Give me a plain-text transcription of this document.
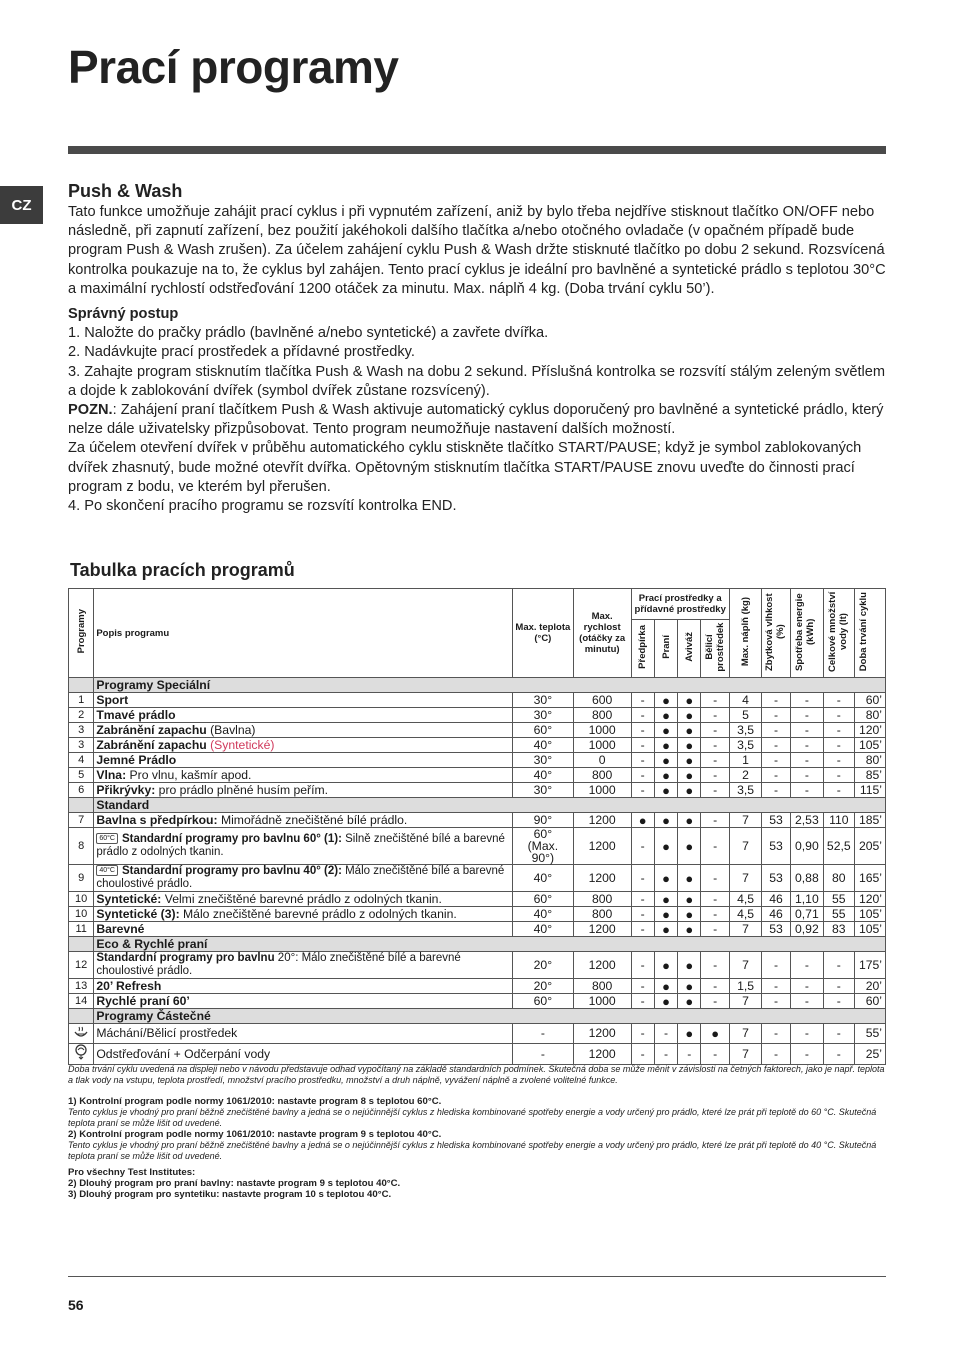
Prací programy
CZ
Push & Wash

Tato funkce umožňuje zahájit prací cyklus i při vypnutém zařízení, aniž by bylo třeba nejdříve stisknout tlačítko ON/OFF nebo následně, při zapnutí zařízení, bez použití jakéhokoli dalšího tlačítka a/nebo otočného ovladače (v opačném případě bude program Push & Wash zrušen). Za účelem zahájení cyklu Push & Wash držte stisknuté tlačítko po dobu 2 sekund. Rozsvícená kontrolka poukazuje na to, že cyklus byl zahájen. Tento prací cyklus je ideální pro bavlněné a syntetické prádlo s teplotou 30°C a maximální rychlostí odstřeďování 1200 otáček za minutu. Max. náplň 4 kg. (Doba trvání cyklu 50’).

Správný postup

1. Naložte do pračky prádlo (bavlněné a/nebo syntetické) a zavřete dvířka.

2. Nadávkujte prací prostředek a přídavné prostředky.

3. Zahajte program stisknutím tlačítka Push & Wash na dobu 2 sekund. Příslušná kontrolka se rozsvítí stálým zeleným světlem a dojde k zablokování dvířek (symbol dvířek zůstane rozsvícený).

POZN.: Zahájení praní tlačítkem Push & Wash aktivuje automatický cyklus doporučený pro bavlněné a syntetické prádlo, který nelze dále uživatelsky přizpůsobovat. Tento program neumožňuje nastavení dalších možností.

Za účelem otevření dvířek v průběhu automatického cyklu stiskněte tlačítko START/PAUSE; když je symbol zablokovaných dvířek zhasnutý, bude možné otevřít dvířka. Opětovným stisknutím tlačítka START/PAUSE znovu uveďte do činnosti prací program z bodu, ve kterém byl přerušen.

4. Po skončení pracího programu se rozsvítí kontrolka END.

Tabulka pracích programů
Programy	Popis programu	Max. teplota (°C)	Max. rychlost (otáčky za minutu)	Prací prostředky a přídavné prostředky				Max. náplň (kg)	Zbytková vlhkost (%)	Spotřeba energie (kWh)	Celkové množství vody (lt)	Doba trvání cyklu
				Předpírka	Praní	Aviváž	Bělicí prostředek					
	Programy Speciální											
1	Sport	30°	600	-	●	●	-	4	-	-	-	60’
2	Tmavé prádlo	30°	800	-	●	●	-	5	-	-	-	80’
3	Zabránění zapachu (Bavlna)	60°	1000	-	●	●	-	3,5	-	-	-	120’
3	Zabránění zapachu (Syntetické)	40°	1000	-	●	●	-	3,5	-	-	-	105’
4	Jemné Prádlo	30°	0	-	●	●	-	1	-	-	-	80’
5	Vlna: Pro vlnu, kašmír apod.	40°	800	-	●	●	-	2	-	-	-	85’
6	Přikrývky: pro prádlo plněné husím peřím.	30°	1000	-	●	●	-	3,5	-	-	-	115’
	Standard											
7	Bavlna s předpírkou: Mimořádně znečištěné bílé prádlo.	90°	1200	●	●	●	-	7	53	2,53	110	185’
8	60°C Standardní programy pro bavlnu 60° (1): Silně znečištěné bílé a barevné prádlo z odolných tkanin.	60°
(Max. 90°)	1200	-	●	●	-	7	53	0,90	52,5	205’
9	40°C Standardní programy pro bavlnu 40° (2): Málo znečištěné bílé a barevné choulostivé prádlo.	40°	1200	-	●	●	-	7	53	0,88	80	165’
10	Syntetické: Velmi znečištěné barevné prádlo z odolných tkanin.	60°	800	-	●	●	-	4,5	46	1,10	55	120’
10	Syntetické (3): Málo znečištěné barevné prádlo z odolných tkanin.	40°	800	-	●	●	-	4,5	46	0,71	55	105’
11	Barevné	40°	1200	-	●	●	-	7	53	0,92	83	105’
	Eco & Rychlé praní											
12	Standardní programy pro bavlnu 20°: Málo znečištěné bílé a barevné choulostivé prádlo.	20°	1200	-	●	●	-	7	-	-	-	175’
13	20’ Refresh	20°	800	-	●	●	-	1,5	-	-	-	20’
14	Rychlé praní 60’	60°	1000	-	●	●	-	7	-	-	-	60’
	Programy Částečné											
	Máchání/Bělicí prostředek	-	1200	-	-	●	●	7	-	-	-	55’
	Odstřeďování + Odčerpání vody	-	1200	-	-	-	-	7	-	-	-	25’

Doba trvání cyklu uvedená na displeji nebo v návodu představuje odhad vypočítaný na základě standardních podmínek. Skutečná doba se může měnit v závislosti na četných faktorech, jako je např. teplota a tlak vody na vstupu, teplota prostředí, množství pracího prostředku, množství a druh náplně, vyvážení náplně a zvolené volitelné funkce.

1) Kontrolní program podle normy 1061/2010: nastavte program 8 s teplotou 60°C.

Tento cyklus je vhodný pro praní běžně znečištěné bavlny a jedná se o nejúčinnější cyklus z hlediska kombinované spotřeby energie a vody určený pro prádlo, které lze prát při teplotě do 60 °C. Skutečná teplota praní se může lišit od uvedené.

2) Kontrolní program podle normy 1061/2010: nastavte program 9 s teplotou 40°C.

Tento cyklus je vhodný pro praní běžně znečištěné bavlny a jedná se o nejúčinnější cyklus z hlediska kombinované spotřeby energie a vody určený pro prádlo, které lze prát při teplotě do 40 °C. Skutečná teplota praní se může lišit od uvedené.

Pro všechny Test Institutes:

2) Dlouhý program pro praní bavlny: nastavte program 9 s teplotou 40°C.

3) Dlouhý program pro syntetiku: nastavte program 10 s teplotou 40°C.

56
